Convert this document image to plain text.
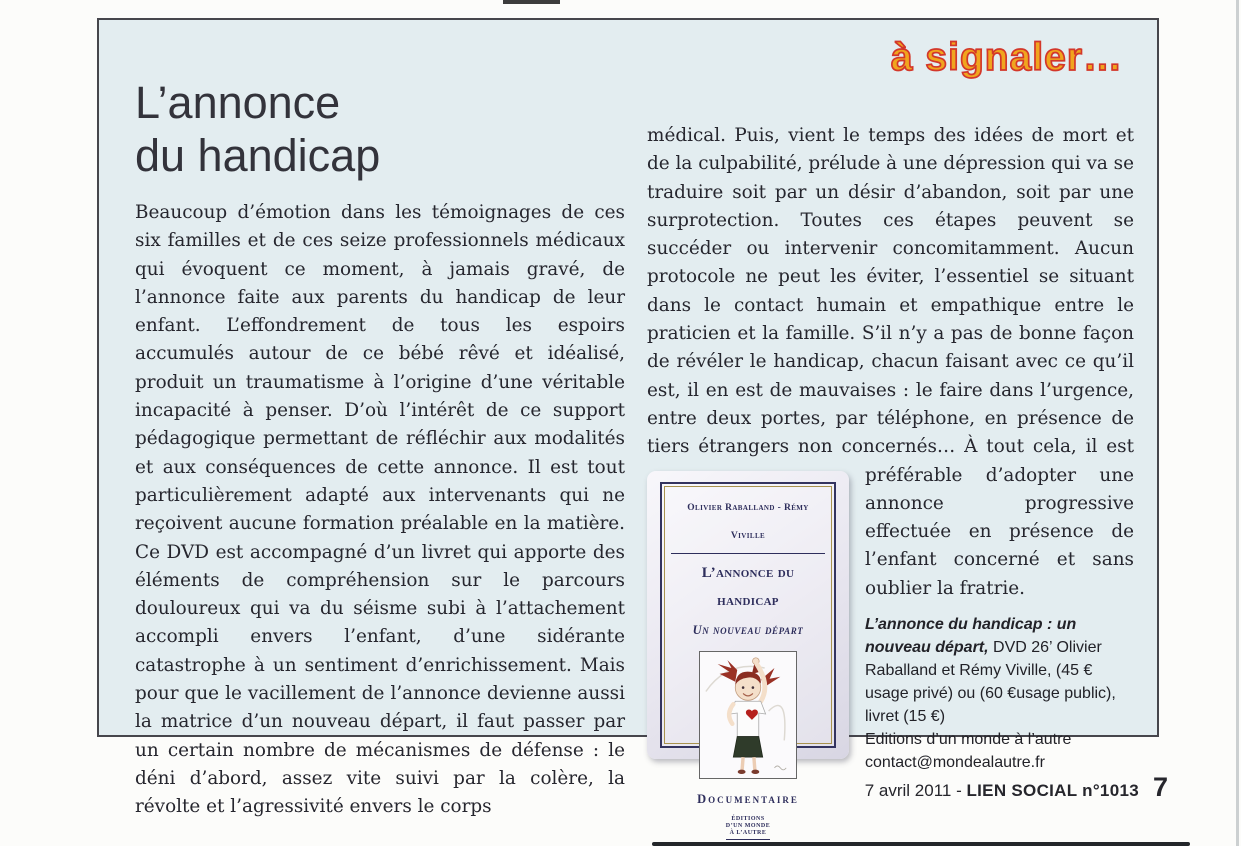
à signaler…
L’annonce
du handicap
Beaucoup d’émotion dans les témoignages de ces six familles et de ces seize professionnels médicaux qui évoquent ce moment, à jamais gravé, de l’annonce faite aux parents du handicap de leur enfant. L’effondrement de tous les espoirs accumulés autour de ce bébé rêvé et idéalisé, produit un traumatisme à l’origine d’une véritable incapacité à penser. D’où l’intérêt de ce support pédagogique permettant de réfléchir aux modalités et aux conséquences de cette annonce. Il est tout particulièrement adapté aux intervenants qui ne reçoivent aucune formation préalable en la matière. Ce DVD est accompagné d’un livret qui apporte des éléments de compréhension sur le parcours douloureux qui va du séisme subi à l’attachement accompli envers l’enfant, d’une sidérante catastrophe à un sentiment d’enrichissement. Mais pour que le vacillement de l’annonce devienne aussi la matrice d’un nouveau départ, il faut passer par un certain nombre de mécanismes de défense : le déni d’abord, assez vite suivi par la colère, la révolte et l’agressivité envers le corps
médical. Puis, vient le temps des idées de mort et de la culpabilité, prélude à une dépression qui va se traduire soit par un désir d’abandon, soit par une surprotection. Toutes ces étapes peuvent se succéder ou intervenir concomitamment. Aucun protocole ne peut les éviter, l’essentiel se situant dans le contact humain et empathique entre le praticien et la famille. S’il n’y a pas de bonne façon de révéler le handicap, chacun faisant avec ce qu’il est, il en est de mauvaises : le faire dans l’urgence, entre deux portes, par téléphone, en présence de tiers étrangers non concernés… À tout
Olivier Raballand - Rémy Viville
L’annonce du handicap
Un nouveau départ
Documentaire
ÉDITIONS
D’UN MONDE
À L’AUTRE
cela, il est préférable d’adopter une annonce progressive effectuée en présence de l’enfant concerné et sans oublier la fratrie.
L’annonce du handicap : un nouveau départ, DVD 26’ Olivier Raballand et Rémy Viville, (45 € usage privé) ou (60 €usage public), livret (15 €)
Editions d’un monde à l’autre
contact@mondealautre.fr
7 avril 2011 - LIEN SOCIAL n°1013 7
